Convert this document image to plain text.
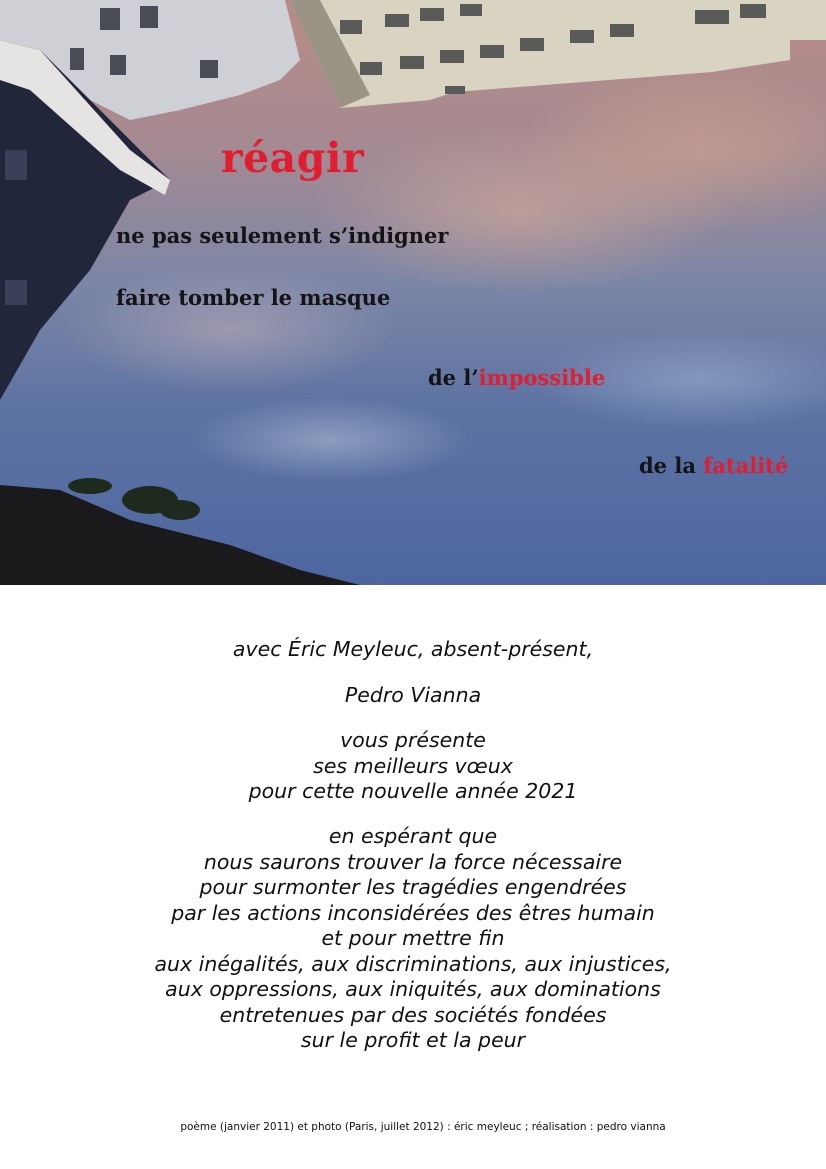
réagir
ne pas seulement s’indigner
faire tomber le masque
de l’impossible
de la fatalité
avec Éric Meyleuc, absent-présent,
Pedro Vianna
vous présente
ses meilleurs vœux
pour cette nouvelle année 2021
en espérant que
nous saurons trouver la force nécessaire
pour surmonter les tragédies engendrées
par les actions inconsidérées des êtres humain
et pour mettre fin
aux inégalités, aux discriminations, aux injustices,
aux oppressions, aux iniquités, aux dominations
entretenues par des sociétés fondées
sur le profit et la peur
poème (janvier 2011) et photo (Paris, juillet 2012) : éric meyleuc ; réalisation : pedro vianna
